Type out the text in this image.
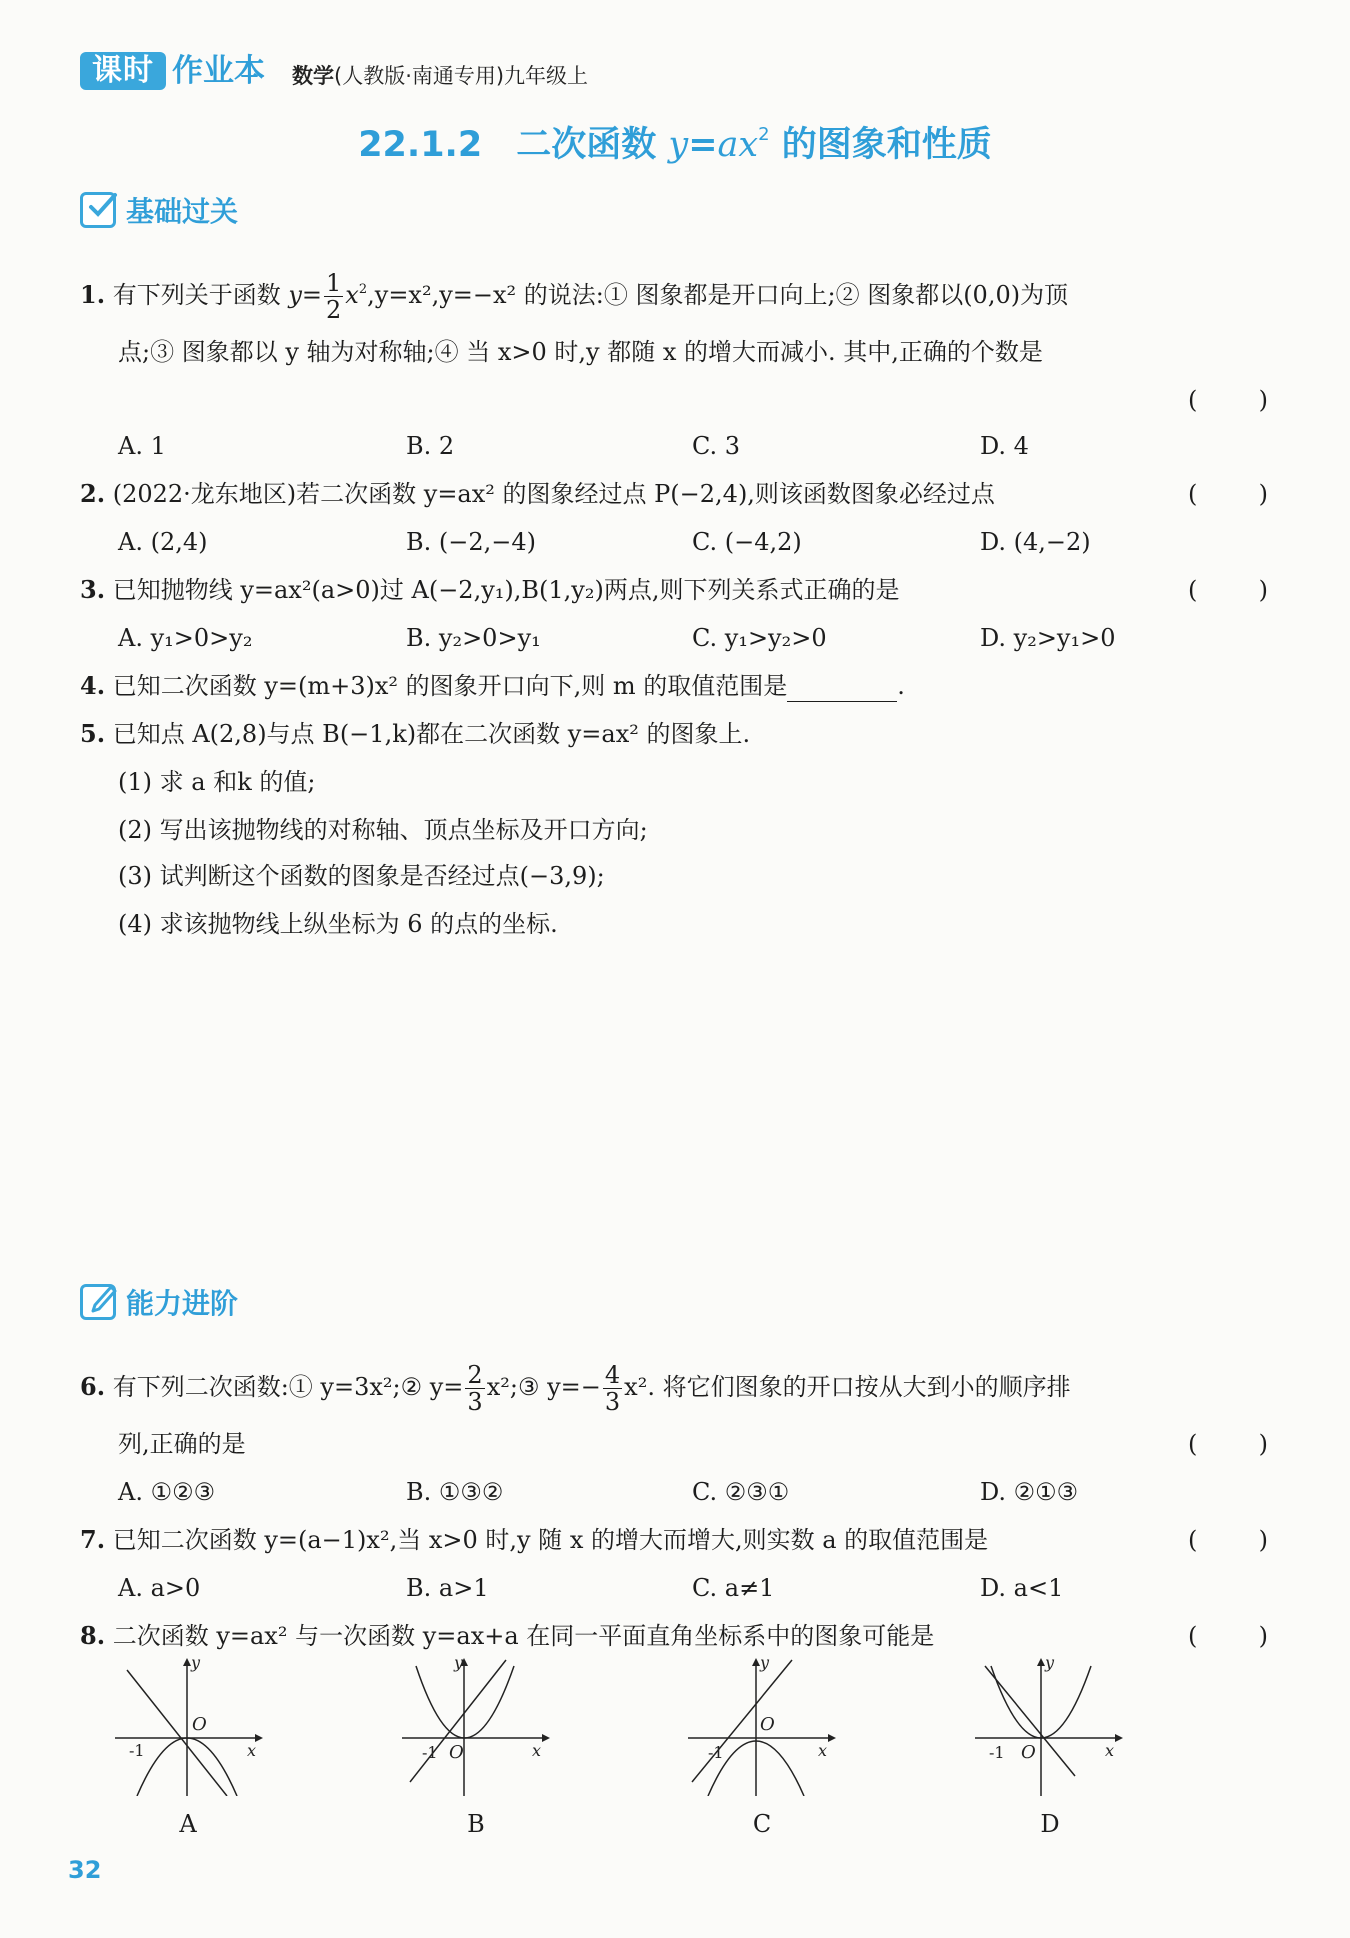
课时 作业本 数学(人教版·南通专用)九年级上
22.1.2 二次函数 $y=ax^2$ 的图象和性质
基础过关
1. 有下列关于函数 $y= \frac{1}{2} x^2,y=x^2,y=-x^2$ 的说法:① 图象都是开口向上;② 图象都以(0,0)为顶
点;③ 图象都以 y 轴为对称轴;④ 当 x>0 时,y 都随 x 的增大而减小. 其中,正确的个数是
(	)
A. 1	B. 2	C. 3	D. 4
2. (2022·龙东地区)若二次函数 y=ax² 的图象经过点 P(−2,4),则该函数图象必经过点	(	)
A. (2,4)	B. (−2,−4)	C. (−4,2)	D. (4,−2)
3. 已知抛物线 y=ax²(a>0)过 A(−2,y₁),B(1,y₂)两点,则下列关系式正确的是	(	)
A. y₁>0>y₂	B. y₂>0>y₁	C. y₁>y₂>0	D. y₂>y₁>0
4. 已知二次函数 y=(m+3)x² 的图象开口向下,则 m 的取值范围是	.
5. 已知点 A(2,8)与点 B(−1,k)都在二次函数 y=ax² 的图象上.
(1) 求 a 和k 的值;
(2) 写出该抛物线的对称轴、顶点坐标及开口方向;
(3) 试判断这个函数的图象是否经过点(−3,9);
(4) 求该抛物线上纵坐标为 6 的点的坐标.
能力进阶
6. 有下列二次函数:① y=3x²;② $y= \frac{2}{3}$ x²;③ $y=- \frac{4}{3} x^2$. 将它们图象的开口按从大到小的顺序排
列,正确的是	(	)
A. ①②③	B. ①③②	C. ②③①	D. ②①③
7. 已知二次函数 y=(a−1)x²,当 x>0 时,y 随 x 的增大而增大,则实数 a 的取值范围是	(	)
A. a>0	B. a>1	C. a≠1	D. a<1
8. 二次函数 y=ax² 与一次函数 y=ax+a 在同一平面直角坐标系中的图象可能是	(	)
y
x
O
-1
y
x
O
-1
y
x
O
-1
y
x
O
-1
A	B	C	D
32
